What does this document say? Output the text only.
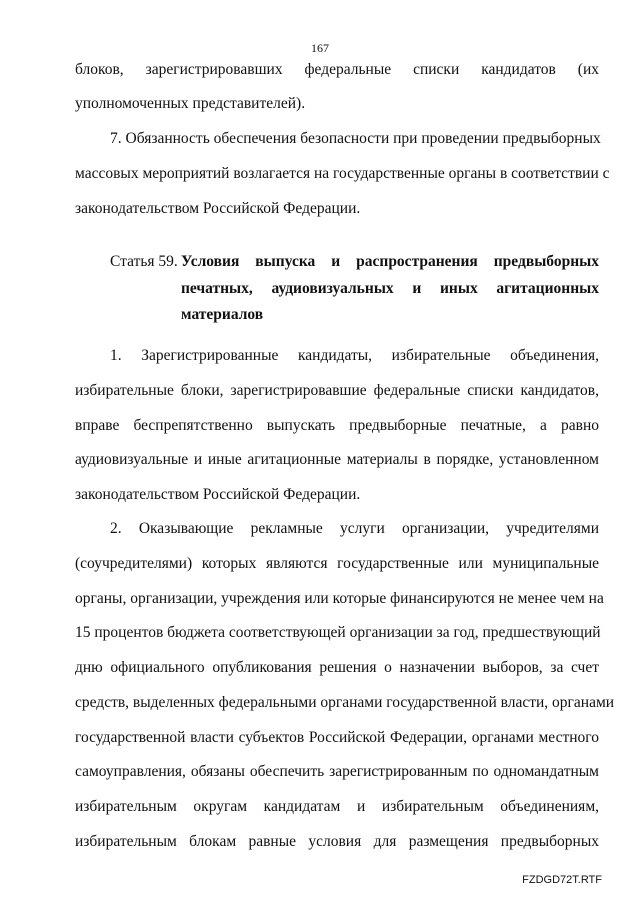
167
блоков, зарегистрировавших федеральные списки кандидатов (их
уполномоченных представителей).
7. Обязанность обеспечения безопасности при проведении предвыборных
массовых мероприятий возлагается на государственные органы в соответствии с
законодательством Российской Федерации.
Статья 59. Условия выпуска и распространения предвыборных
печатных, аудиовизуальных и иных агитационных
материалов
1. Зарегистрированные кандидаты, избирательные объединения,
избирательные блоки, зарегистрировавшие федеральные списки кандидатов,
вправе беспрепятственно выпускать предвыборные печатные, а равно
аудиовизуальные и иные агитационные материалы в порядке, установленном
законодательством Российской Федерации.
2. Оказывающие рекламные услуги организации, учредителями
(соучредителями) которых являются государственные или муниципальные
органы, организации, учреждения или которые финансируются не менее чем на
15 процентов бюджета соответствующей организации за год, предшествующий
дню официального опубликования решения о назначении выборов, за счет
средств, выделенных федеральными органами государственной власти, органами
государственной власти субъектов Российской Федерации, органами местного
самоуправления, обязаны обеспечить зарегистрированным по одномандатным
избирательным округам кандидатам и избирательным объединениям,
избирательным блокам равные условия для размещения предвыборных
FZDGD72T.RTF
